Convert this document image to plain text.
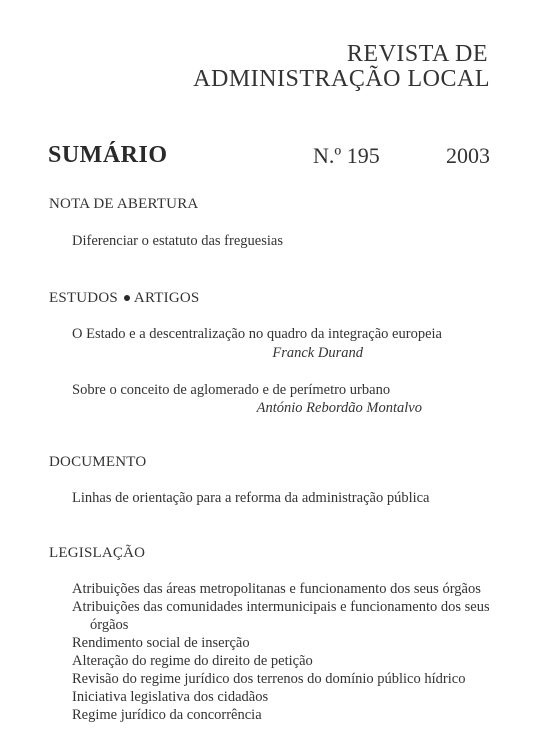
REVISTA DE
ADMINISTRAÇÃO LOCAL
SUMÁRIO	N.º 195	2003
NOTA DE ABERTURA
Diferenciar o estatuto das freguesias
ESTUDOS ARTIGOS
O Estado e a descentralização no quadro da integração europeia
Franck Durand
Sobre o conceito de aglomerado e de perímetro urbano
António Rebordão Montalvo
DOCUMENTO
Linhas de orientação para a reforma da administração pública
LEGISLAÇÃO
Atribuições das áreas metropolitanas e funcionamento dos seus órgãos
Atribuições das comunidades intermunicipais e funcionamento dos seus
órgãos
Rendimento social de inserção
Alteração do regime do direito de petição
Revisão do regime jurídico dos terrenos do domínio público hídrico
Iniciativa legislativa dos cidadãos
Regime jurídico da concorrência
